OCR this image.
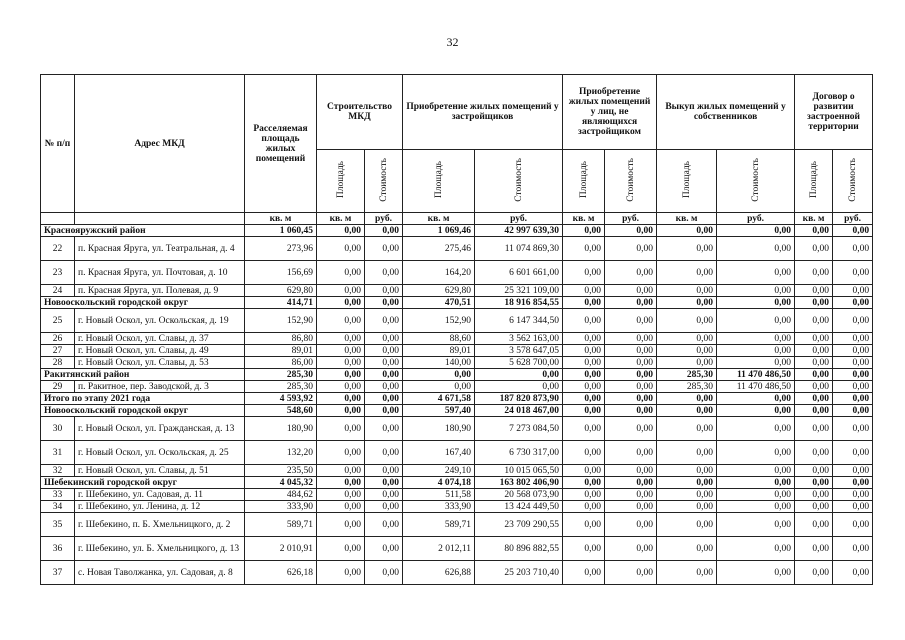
32
№ п/п	Адрес МКД	Расселяемая площадь жилых помещений	Строительство МКД		Приобретение жилых помещений у застройщиков		Приобретение жилых помещений у лиц, не являющихся застройщиком		Выкуп жилых помещений у собственников		Договор о развитии застроенной территории	
			Площадь	Стоимость	Площадь	Стоимость	Площадь	Стоимость	Площадь	Стоимость	Площадь	Стоимость
		кв. м	кв. м	руб.	кв. м	руб.	кв. м	руб.	кв. м	руб.	кв. м	руб.
Краснояружский район		1 060,45	0,00	0,00	1 069,46	42 997 639,30	0,00	0,00	0,00	0,00	0,00	0,00
22	п. Красная Яруга, ул. Театральная, д. 4	273,96	0,00	0,00	275,46	11 074 869,30	0,00	0,00	0,00	0,00	0,00	0,00
23	п. Красная Яруга, ул. Почтовая, д. 10	156,69	0,00	0,00	164,20	6 601 661,00	0,00	0,00	0,00	0,00	0,00	0,00
24	п. Красная Яруга, ул. Полевая, д. 9	629,80	0,00	0,00	629,80	25 321 109,00	0,00	0,00	0,00	0,00	0,00	0,00
Новооскольский городской округ		414,71	0,00	0,00	470,51	18 916 854,55	0,00	0,00	0,00	0,00	0,00	0,00
25	г. Новый Оскол, ул. Оскольская, д. 19	152,90	0,00	0,00	152,90	6 147 344,50	0,00	0,00	0,00	0,00	0,00	0,00
26	г. Новый Оскол, ул. Славы, д. 37	86,80	0,00	0,00	88,60	3 562 163,00	0,00	0,00	0,00	0,00	0,00	0,00
27	г. Новый Оскол, ул. Славы, д. 49	89,01	0,00	0,00	89,01	3 578 647,05	0,00	0,00	0,00	0,00	0,00	0,00
28	г. Новый Оскол, ул. Славы, д. 53	86,00	0,00	0,00	140,00	5 628 700,00	0,00	0,00	0,00	0,00	0,00	0,00
Ракитянский район		285,30	0,00	0,00	0,00	0,00	0,00	0,00	285,30	11 470 486,50	0,00	0,00
29	п. Ракитное, пер. Заводской, д. 3	285,30	0,00	0,00	0,00	0,00	0,00	0,00	285,30	11 470 486,50	0,00	0,00
Итого по этапу 2021 года		4 593,92	0,00	0,00	4 671,58	187 820 873,90	0,00	0,00	0,00	0,00	0,00	0,00
Новооскольский городской округ		548,60	0,00	0,00	597,40	24 018 467,00	0,00	0,00	0,00	0,00	0,00	0,00
30	г. Новый Оскол, ул. Гражданская, д. 13	180,90	0,00	0,00	180,90	7 273 084,50	0,00	0,00	0,00	0,00	0,00	0,00
31	г. Новый Оскол, ул. Оскольская, д. 25	132,20	0,00	0,00	167,40	6 730 317,00	0,00	0,00	0,00	0,00	0,00	0,00
32	г. Новый Оскол, ул. Славы, д. 51	235,50	0,00	0,00	249,10	10 015 065,50	0,00	0,00	0,00	0,00	0,00	0,00
Шебекинский городской округ		4 045,32	0,00	0,00	4 074,18	163 802 406,90	0,00	0,00	0,00	0,00	0,00	0,00
33	г. Шебекино, ул. Садовая, д. 11	484,62	0,00	0,00	511,58	20 568 073,90	0,00	0,00	0,00	0,00	0,00	0,00
34	г. Шебекино, ул. Ленина, д. 12	333,90	0,00	0,00	333,90	13 424 449,50	0,00	0,00	0,00	0,00	0,00	0,00
35	г. Шебекино, п. Б. Хмельницкого, д. 2	589,71	0,00	0,00	589,71	23 709 290,55	0,00	0,00	0,00	0,00	0,00	0,00
36	г. Шебекино, ул. Б. Хмельницкого, д. 13	2 010,91	0,00	0,00	2 012,11	80 896 882,55	0,00	0,00	0,00	0,00	0,00	0,00
37	с. Новая Таволжанка, ул. Садовая, д. 8	626,18	0,00	0,00	626,88	25 203 710,40	0,00	0,00	0,00	0,00	0,00	0,00
